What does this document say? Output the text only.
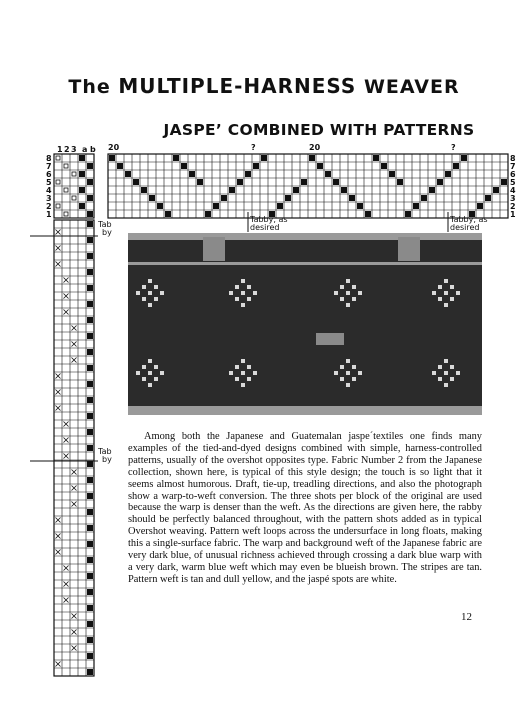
The MULTIPLE-HARNESS WEAVER
JASPE’ COMBINED WITH PATTERNS
1 2 3 a b
8
7
6
5
4
3
2
1
8
7
6
5
4
3
2
1
20	?	20	?
Tabby, as
desired
Tabby, as
desired
Tab
by
Tab
by

Among both the Japanese and Guatemalan jaspe´textiles one finds many examples of the tied-and-dyed designs combined with simple, harness-controlled patterns, usually of the overshot opposites type. Fabric Number 2 from the Japanese collection, shown here, is typical of this style design; the touch is so light that it seems almost humorous. Draft, tie-up, treadling directions, and also the photograph show a warp-to-weft conversion. The three shots per block of the original are used because the warp is denser than the weft. As the directions are given here, the rabby should be perfectly balanced throughout, with the pattern shots added as in typical Overshot weaving. Pattern weft loops across the undersurface in long floats, making this a single-surface fabric. The warp and background weft of the Japanese fabric are very dark blue, of unusual richness achieved through crossing a dark blue warp with a very dark, warm blue weft which may even be blueish brown. The stripes are tan. Pattern weft is tan and dull yellow, and the jaspé spots are white.

12
